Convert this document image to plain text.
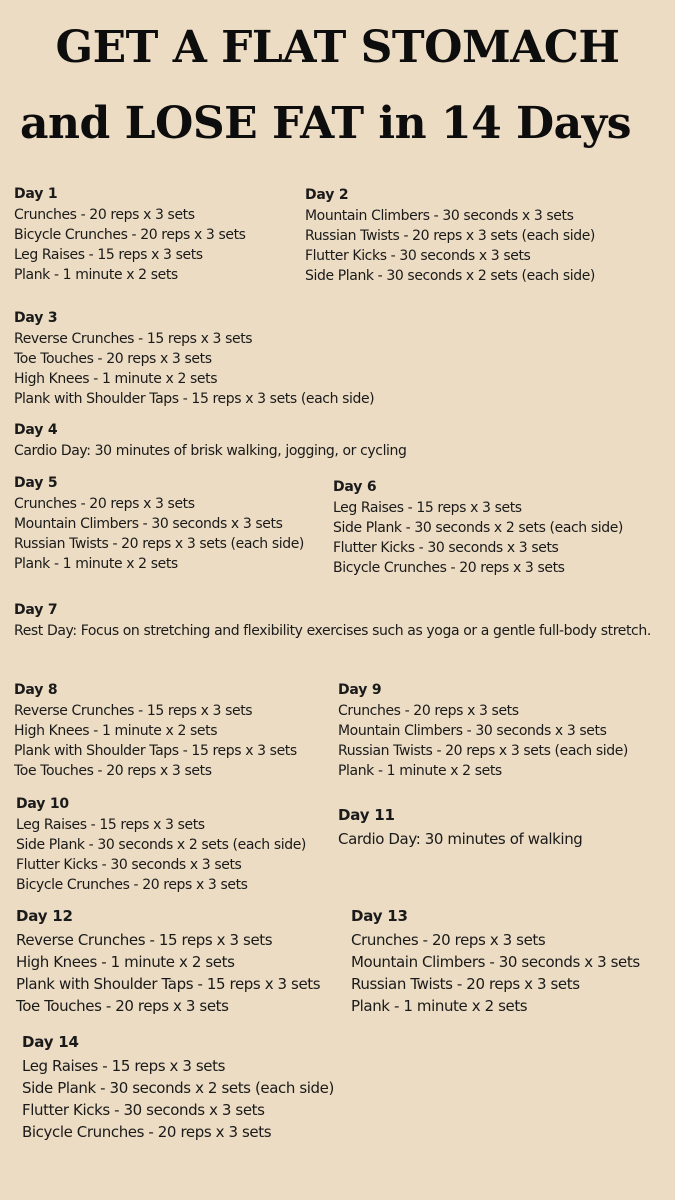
GET A FLAT STOMACH
and LOSE FAT in 14 Days
Day 1
Crunches - 20 reps x 3 sets
Bicycle Crunches - 20 reps x 3 sets
Leg Raises - 15 reps x 3 sets
Plank - 1 minute x 2 sets
Day 2
Mountain Climbers - 30 seconds x 3 sets
Russian Twists - 20 reps x 3 sets (each side)
Flutter Kicks - 30 seconds x 3 sets
Side Plank - 30 seconds x 2 sets (each side)
Day 3
Reverse Crunches - 15 reps x 3 sets
Toe Touches - 20 reps x 3 sets
High Knees - 1 minute x 2 sets
Plank with Shoulder Taps - 15 reps x 3 sets (each side)
Day 4
Cardio Day: 30 minutes of brisk walking, jogging, or cycling
Day 5
Crunches - 20 reps x 3 sets
Mountain Climbers - 30 seconds x 3 sets
Russian Twists - 20 reps x 3 sets (each side)
Plank - 1 minute x 2 sets
Day 6
Leg Raises - 15 reps x 3 sets
Side Plank - 30 seconds x 2 sets (each side)
Flutter Kicks - 30 seconds x 3 sets
Bicycle Crunches - 20 reps x 3 sets
Day 7
Rest Day: Focus on stretching and flexibility exercises such as yoga or a gentle full-body stretch.
Day 8
Reverse Crunches - 15 reps x 3 sets
High Knees - 1 minute x 2 sets
Plank with Shoulder Taps - 15 reps x 3 sets
Toe Touches - 20 reps x 3 sets
Day 9
Crunches - 20 reps x 3 sets
Mountain Climbers - 30 seconds x 3 sets
Russian Twists - 20 reps x 3 sets (each side)
Plank - 1 minute x 2 sets
Day 10
Leg Raises - 15 reps x 3 sets
Side Plank - 30 seconds x 2 sets (each side)
Flutter Kicks - 30 seconds x 3 sets
Bicycle Crunches - 20 reps x 3 sets
Day 11
Cardio Day: 30 minutes of walking
Day 12
Reverse Crunches - 15 reps x 3 sets
High Knees - 1 minute x 2 sets
Plank with Shoulder Taps - 15 reps x 3 sets
Toe Touches - 20 reps x 3 sets
Day 13
Crunches - 20 reps x 3 sets
Mountain Climbers - 30 seconds x 3 sets
Russian Twists - 20 reps x 3 sets
Plank - 1 minute x 2 sets
Day 14
Leg Raises - 15 reps x 3 sets
Side Plank - 30 seconds x 2 sets (each side)
Flutter Kicks - 30 seconds x 3 sets
Bicycle Crunches - 20 reps x 3 sets
